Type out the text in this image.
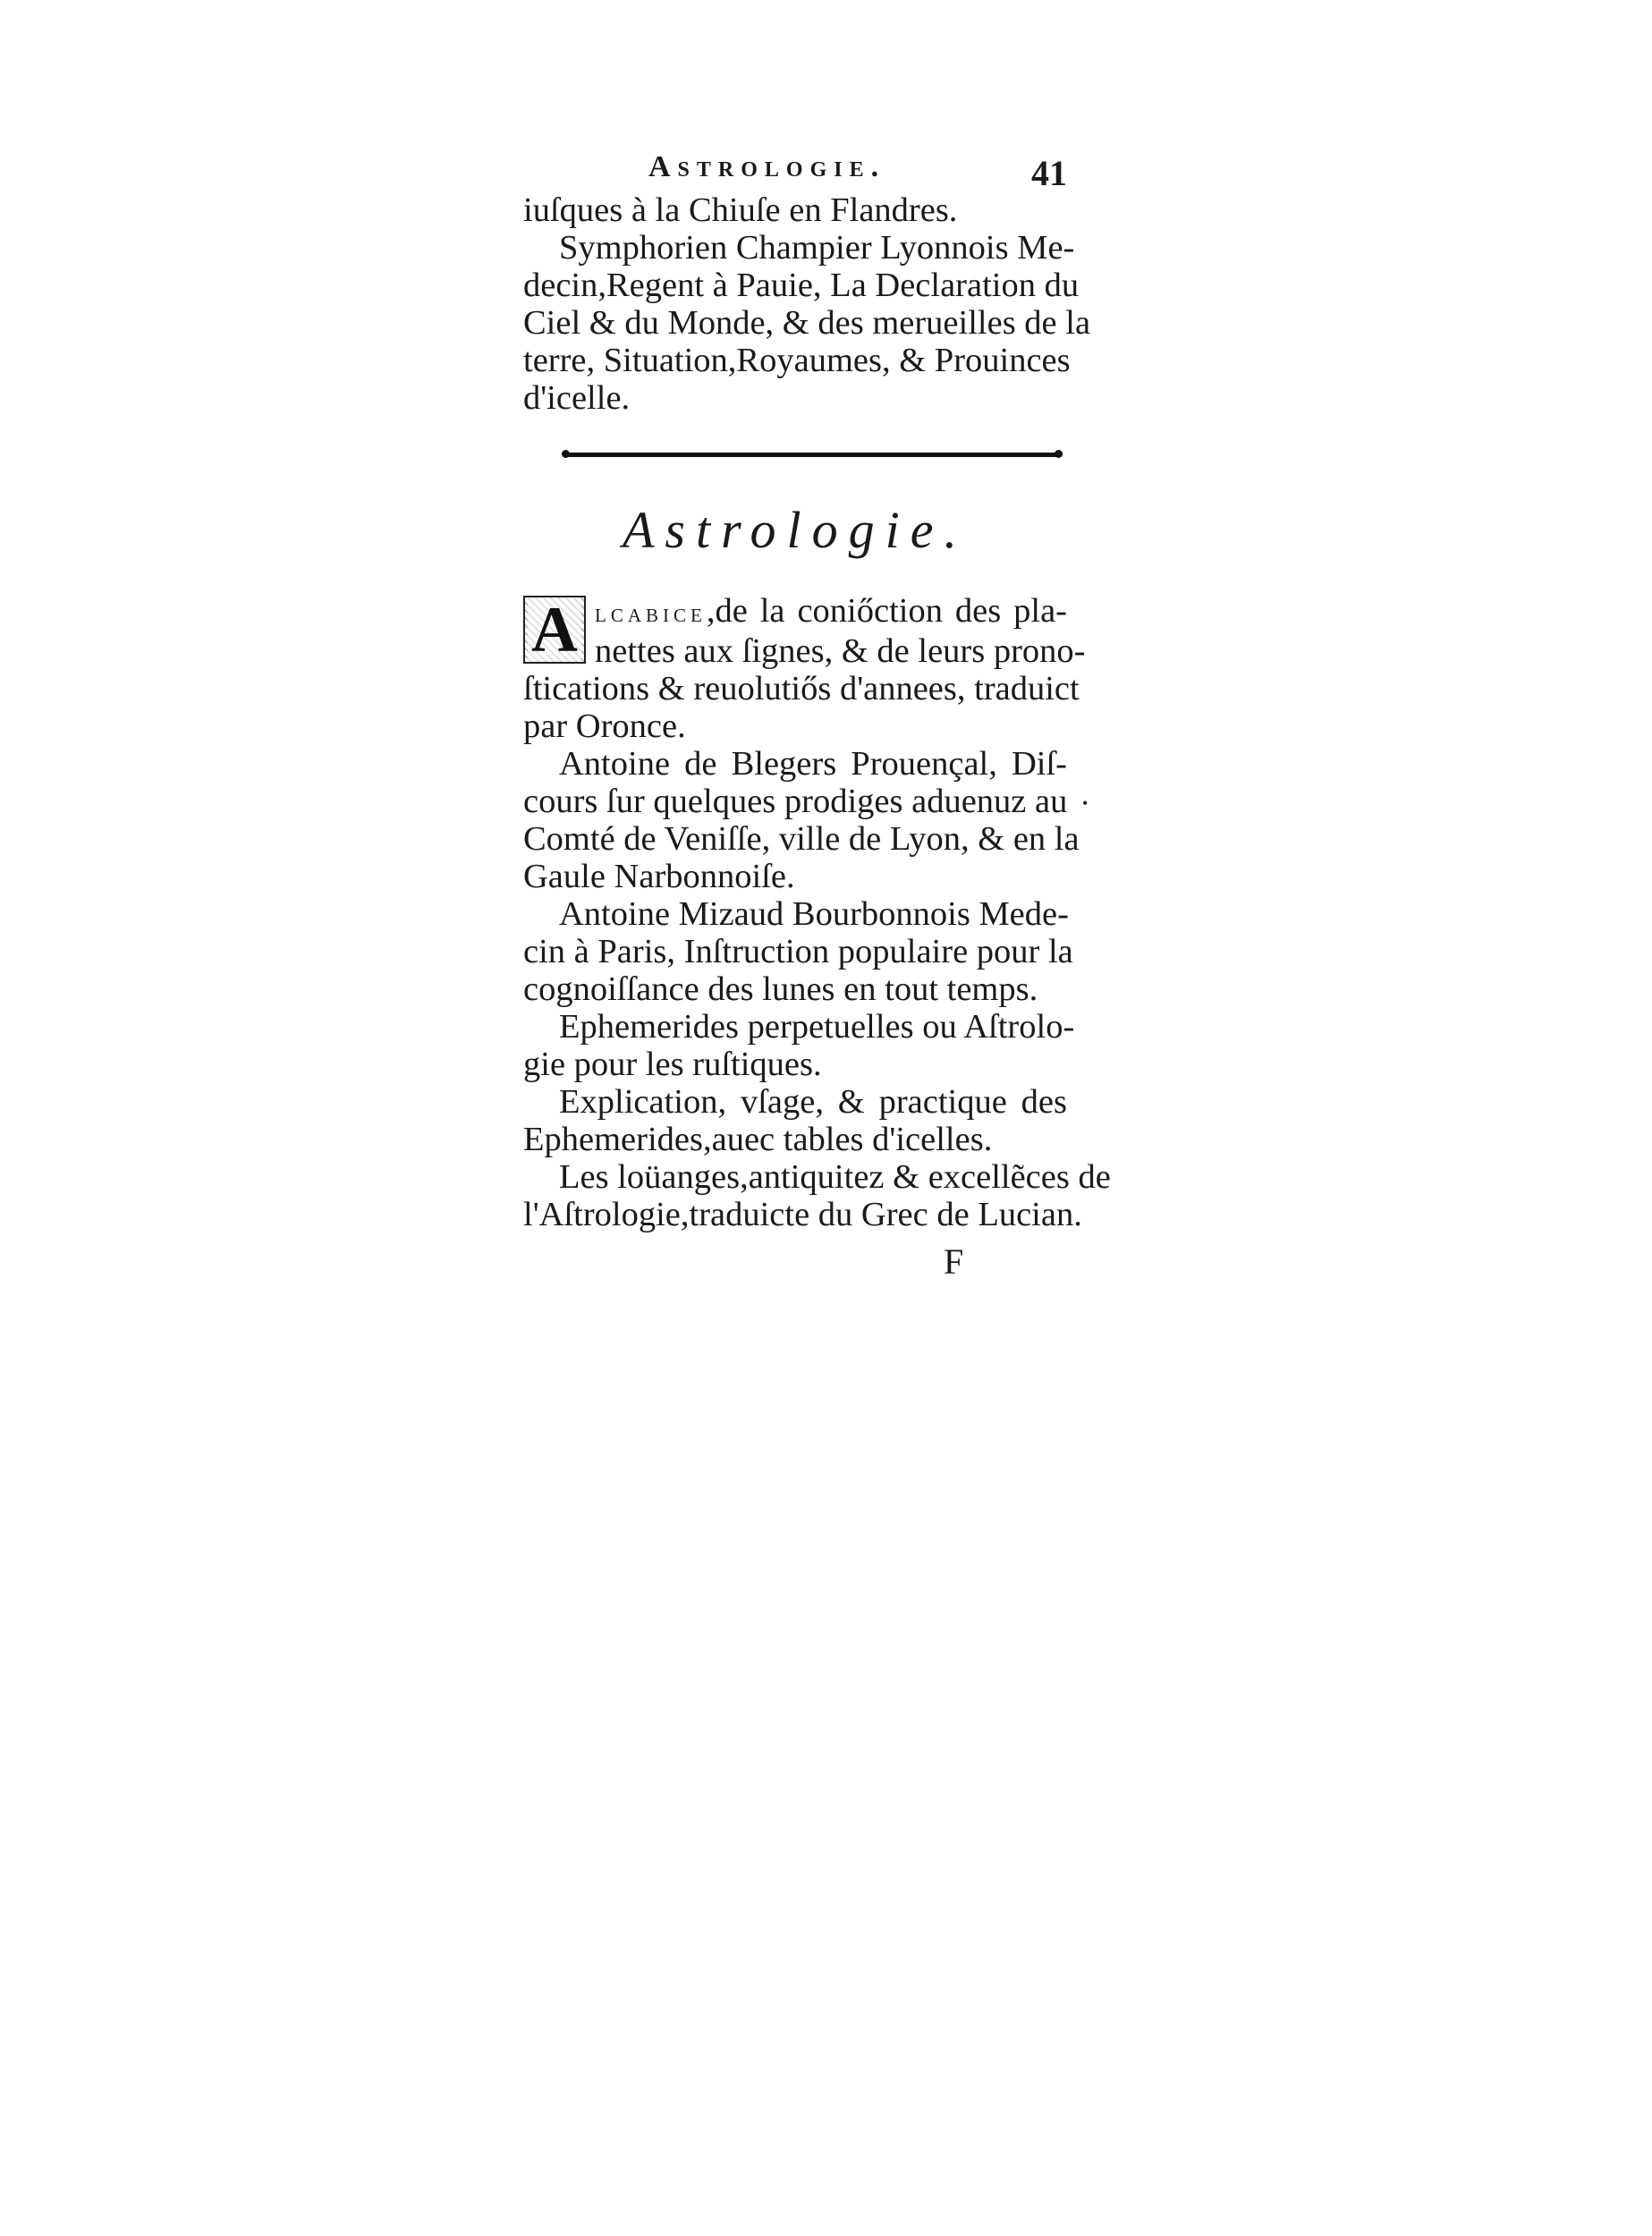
Astrologie.	41
iuſques à la Chiuſe en Flandres.
Symphorien Champier Lyonnois Me-
decin,Regent à Pauie, La Declaration du
Ciel & du Monde, & des merueilles de la
terre, Situation,Royaumes, & Prouinces
d'icelle.
Astrologie.
A lcabice,de la coniőction des pla-
nettes aux ſignes, & de leurs prono-
ſtications & reuolutiős d'annees, traduict
par Oronce.
Antoine de Blegers Prouençal, Diſ-
cours ſur quelques prodiges aduenuz au
Comté de Veniſſe, ville de Lyon, & en la
Gaule Narbonnoiſe.
Antoine Mizaud Bourbonnois Mede-
cin à Paris, Inſtruction populaire pour la
cognoiſſance des lunes en tout temps.
Ephemerides perpetuelles ou Aſtrolo-
gie pour les ruſtiques.
Explication, vſage, & practique des
Ephemerides,auec tables d'icelles.
Les loüanges,antiquitez & excellẽces de
l'Aſtrologie,traduicte du Grec de Lucian.
F
•
